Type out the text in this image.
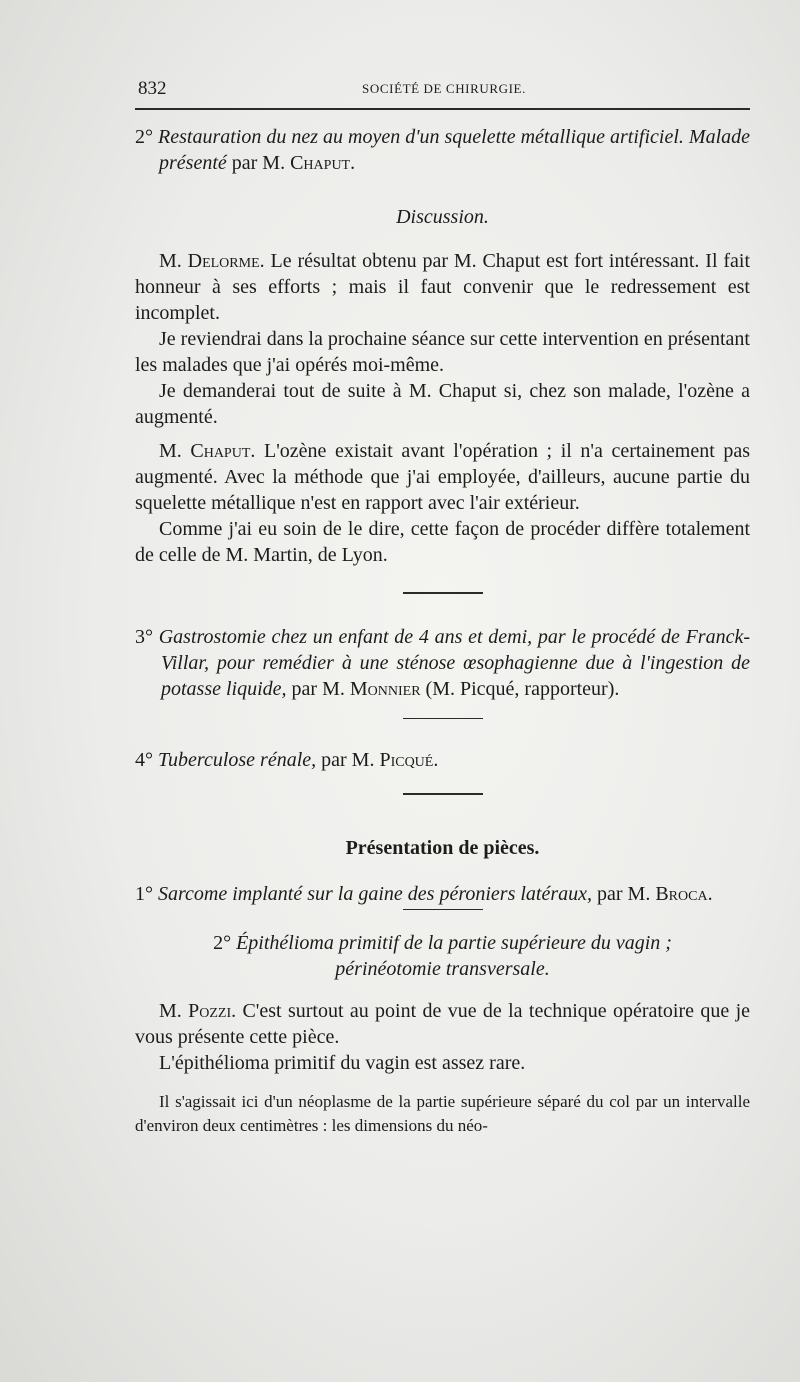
832	SOCIÉTÉ DE CHIRURGIE.

2° Restauration du nez au moyen d'un squelette métallique artificiel. Malade présenté par M. Chaput.

Discussion.

M. Delorme. Le résultat obtenu par M. Chaput est fort intéressant. Il fait honneur à ses efforts ; mais il faut convenir que le redressement est incomplet.

Je reviendrai dans la prochaine séance sur cette intervention en présentant les malades que j'ai opérés moi-même.

Je demanderai tout de suite à M. Chaput si, chez son malade, l'ozène a augmenté.

M. Chaput. L'ozène existait avant l'opération ; il n'a certainement pas augmenté. Avec la méthode que j'ai employée, d'ailleurs, aucune partie du squelette métallique n'est en rapport avec l'air extérieur.

Comme j'ai eu soin de le dire, cette façon de procéder diffère totalement de celle de M. Martin, de Lyon.

3° Gastrostomie chez un enfant de 4 ans et demi, par le procédé de Franck-Villar, pour remédier à une sténose œsophagienne due à l'ingestion de potasse liquide, par M. Monnier (M. Picqué, rapporteur).

4° Tuberculose rénale, par M. Picqué.

Présentation de pièces.

1° Sarcome implanté sur la gaine des péroniers latéraux, par M. Broca.

2° Épithélioma primitif de la partie supérieure du vagin ;

périnéotomie transversale.

M. Pozzi. C'est surtout au point de vue de la technique opératoire que je vous présente cette pièce.

L'épithélioma primitif du vagin est assez rare.

Il s'agissait ici d'un néoplasme de la partie supérieure séparé du col par un intervalle d'environ deux centimètres : les dimensions du néo-
